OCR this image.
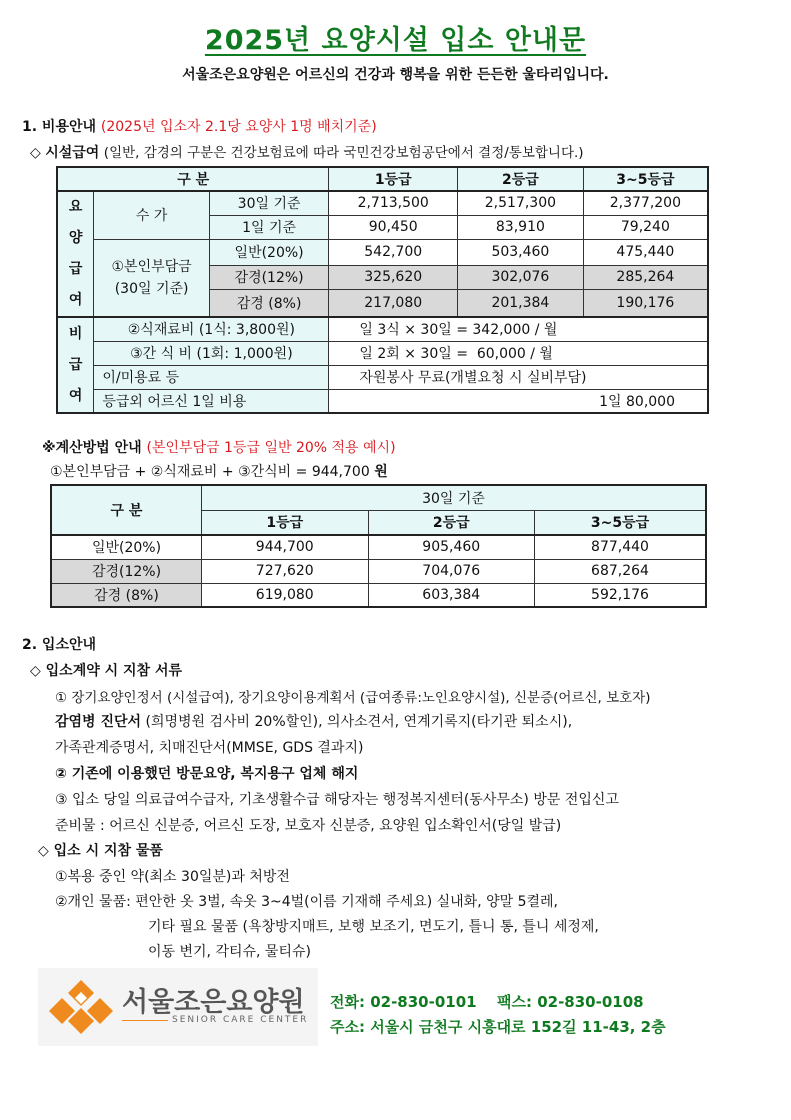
2025년 요양시설 입소 안내문
서울조은요양원은 어르신의 건강과 행복을 위한 든든한 울타리입니다.
1. 비용안내 (2025년 입소자 2.1당 요양사 1명 배치기준)
◇ 시설급여 (일반, 감경의 구분은 건강보험료에 따라 국민건강보험공단에서 결정/통보합니다.)
구 분			1등급	2등급	3~5등급

요
양
급
여	수 가	30일 기준	2,713,500	2,517,300	2,377,200
		1일 기준	90,450	83,910	79,240

	①본인부담금
(30일 기준)	일반(20%)	542,700	503,460	475,440
		감경(12%)	325,620	302,076	285,264
		감경 (8%)	217,080	201,384	190,176

비
급
여	②식재료비 (1식: 3,800원)		일 3식 × 30일 = 342,000 / 월		
	③간 식 비 (1회: 1,000원)		일 2회 × 30일 =  60,000 / 월		
	이/미용료 등		자원봉사 무료(개별요청 시 실비부담)		
	등급외 어르신 1일 비용		1일 80,000		
※계산방법 안내 (본인부담금 1등급 일반 20% 적용 예시)
①본인부담금 + ②식재료비 + ③간식비 = 944,700 원
구 분	30일 기준		
	1등급	2등급	3~5등급
일반(20%)	944,700	905,460	877,440
감경(12%)	727,620	704,076	687,264
감경 (8%)	619,080	603,384	592,176
2. 입소안내
◇ 입소계약 시 지참 서류
① 장기요양인정서 (시설급여), 장기요양이용계획서 (급여종류:노인요양시설), 신분증(어르신, 보호자)
감염병 진단서 (희명병원 검사비 20%할인), 의사소견서, 연계기록지(타기관 퇴소시),
가족관계증명서, 치매진단서(MMSE, GDS 결과지)
② 기존에 이용했던 방문요양, 복지용구 업체 해지
③ 입소 당일 의료급여수급자, 기초생활수급 해당자는 행정복지센터(동사무소) 방문 전입신고
준비물 : 어르신 신분증, 어르신 도장, 보호자 신분증, 요양원 입소확인서(당일 발급)
◇ 입소 시 지참 물품
①복용 중인 약(최소 30일분)과 처방전
②개인 물품: 편안한 옷 3벌, 속옷 3~4벌(이름 기재해 주세요) 실내화, 양말 5켤레,
기타 필요 물품 (욕창방지매트, 보행 보조기, 면도기, 틀니 통, 틀니 세정제,
이동 변기, 각티슈, 물티슈)
서울조은요양원
SENIOR CARE CENTER
전화: 02-830-0101 팩스: 02-830-0108
주소: 서울시 금천구 시흥대로 152길 11-43, 2층
